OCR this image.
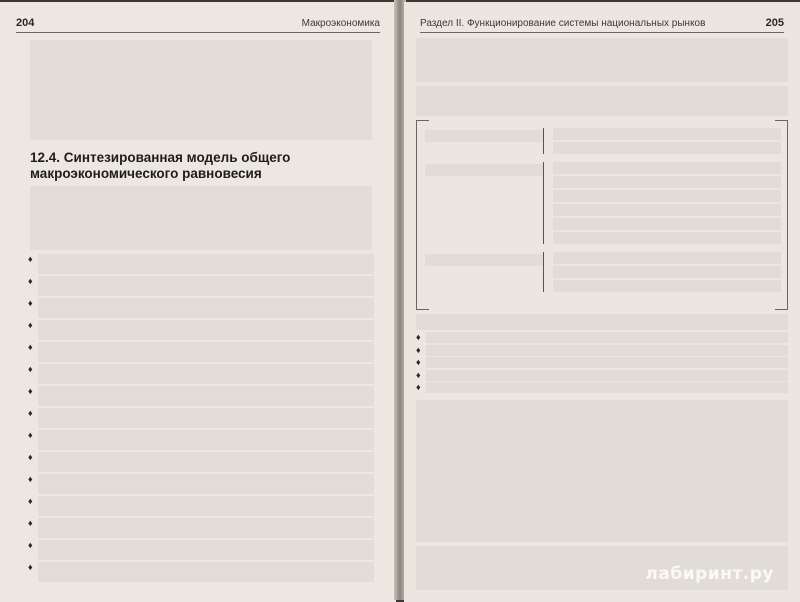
204	Макроэкономика
12.4. Синтезированная модель общего макроэкономического равновесия
♦
♦
♦
♦
♦
♦
♦
♦
♦
♦
♦
♦
♦
♦
♦
Раздел II. Функционирование системы национальных рынков	205
♦
♦
♦
♦
♦
лабиринт.ру
